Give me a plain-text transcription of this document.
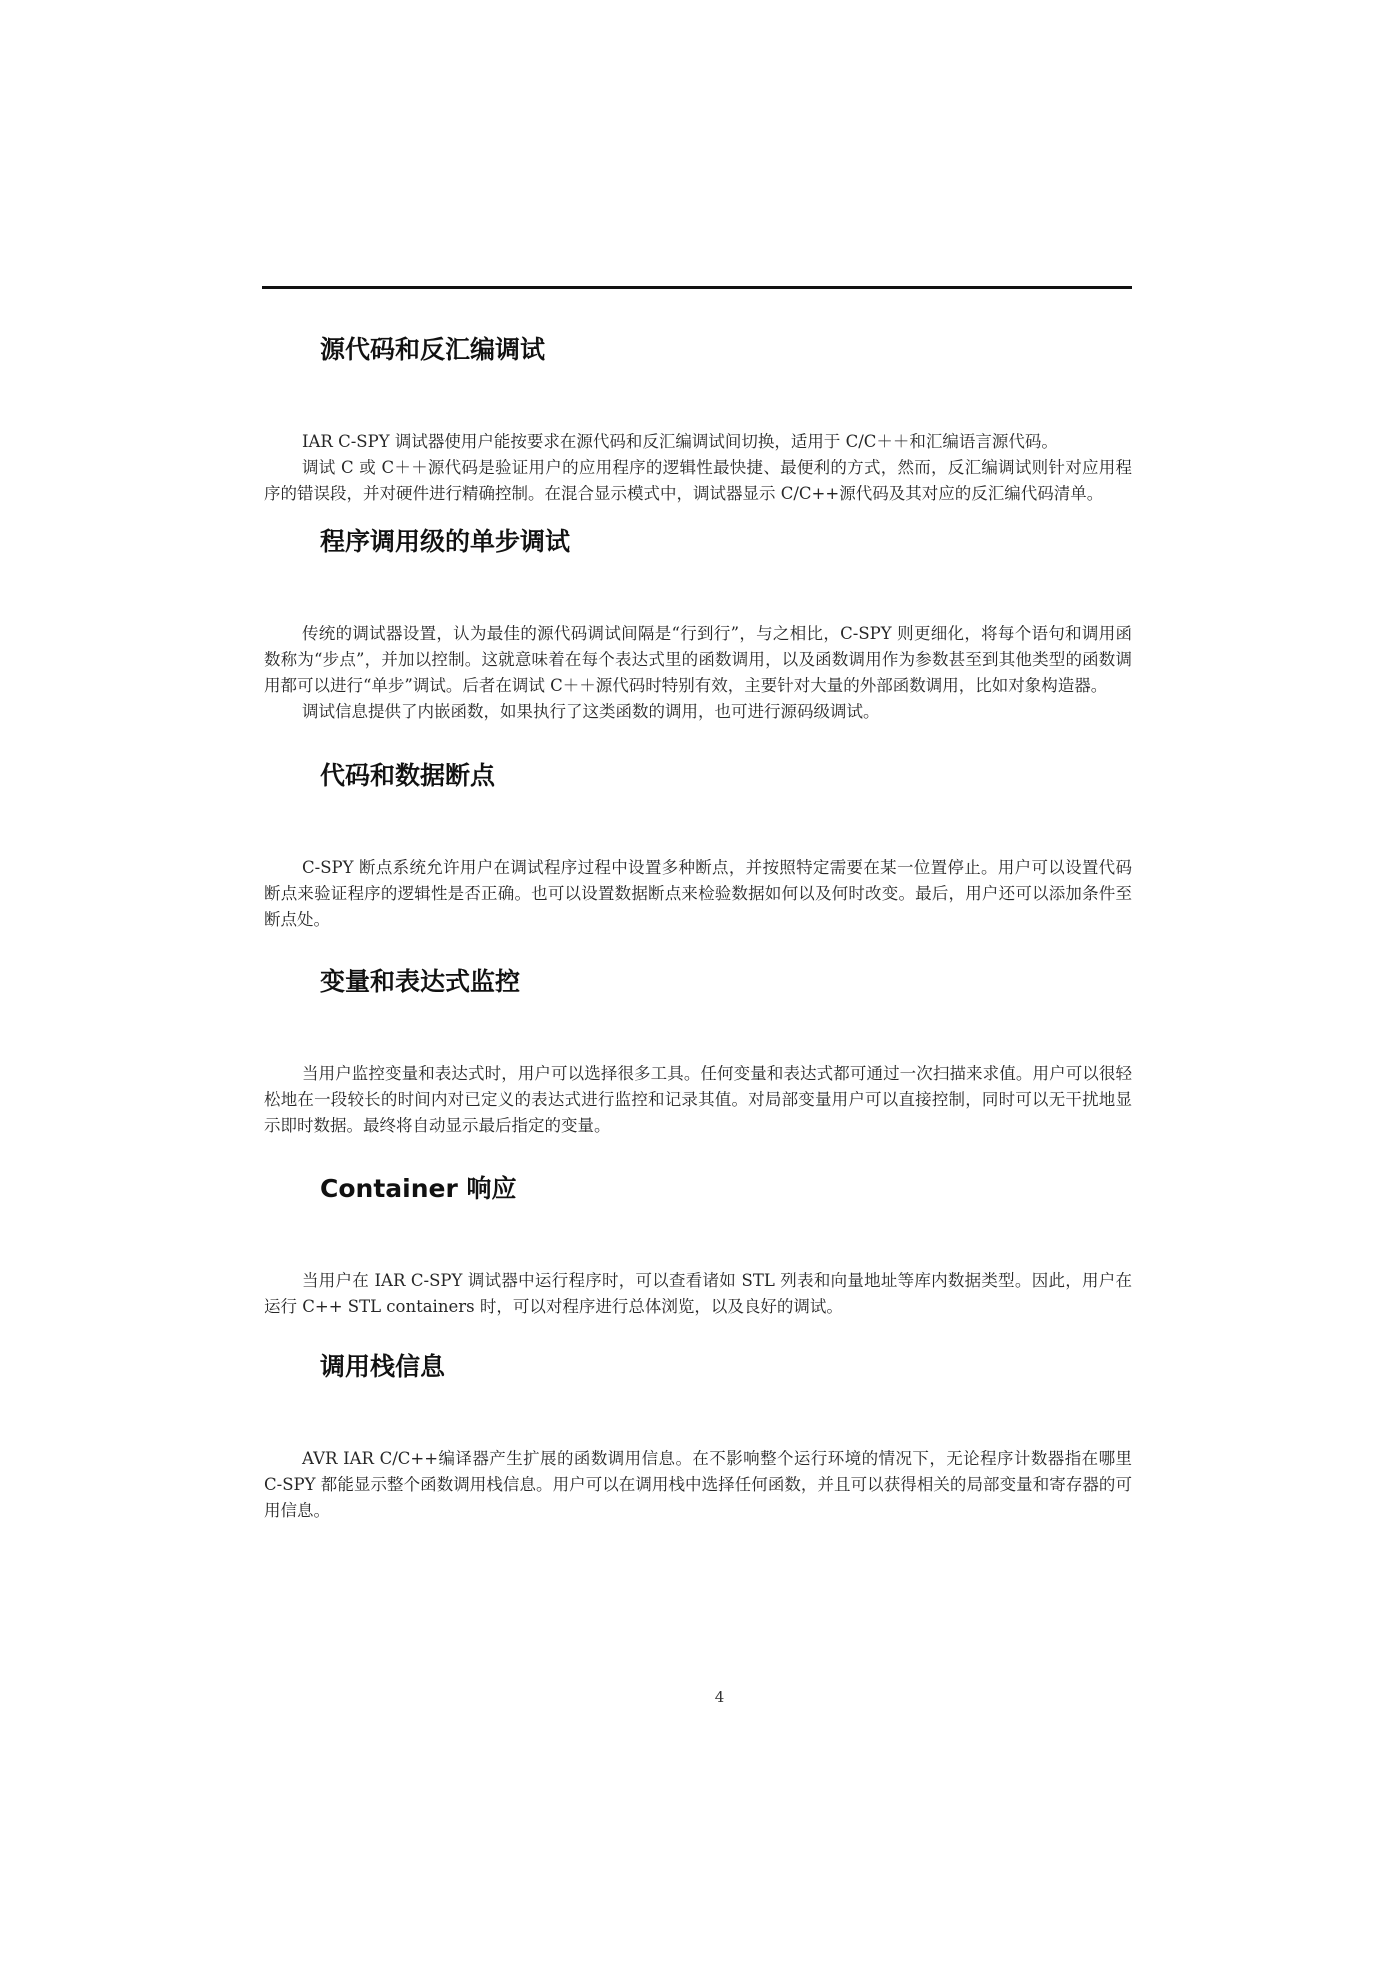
源代码和反汇编调试

IAR C-SPY 调试器使用户能按要求在源代码和反汇编调试间切换，适用于 C/C＋＋和汇编语言源代码。

调试 C 或 C＋＋源代码是验证用户的应用程序的逻辑性最快捷、最便利的方式，然而，反汇编调试则针对应用程序的错误段，并对硬件进行精确控制。在混合显示模式中，调试器显示 C/C++源代码及其对应的反汇编代码清单。

程序调用级的单步调试

传统的调试器设置，认为最佳的源代码调试间隔是“行到行”，与之相比，C-SPY 则更细化，将每个语句和调用函数称为“步点”，并加以控制。这就意味着在每个表达式里的函数调用，以及函数调用作为参数甚至到其他类型的函数调用都可以进行“单步”调试。后者在调试 C＋＋源代码时特别有效，主要针对大量的外部函数调用，比如对象构造器。

调试信息提供了内嵌函数，如果执行了这类函数的调用，也可进行源码级调试。

代码和数据断点

C-SPY 断点系统允许用户在调试程序过程中设置多种断点，并按照特定需要在某一位置停止。用户可以设置代码断点来验证程序的逻辑性是否正确。也可以设置数据断点来检验数据如何以及何时改变。最后，用户还可以添加条件至断点处。

变量和表达式监控

当用户监控变量和表达式时，用户可以选择很多工具。任何变量和表达式都可通过一次扫描来求值。用户可以很轻松地在一段较长的时间内对已定义的表达式进行监控和记录其值。对局部变量用户可以直接控制，同时可以无干扰地显示即时数据。最终将自动显示最后指定的变量。

Container 响应

当用户在 IAR C-SPY 调试器中运行程序时，可以查看诸如 STL 列表和向量地址等库内数据类型。因此，用户在运行 C++ STL containers 时，可以对程序进行总体浏览，以及良好的调试。

调用栈信息

AVR IAR C/C++编译器产生扩展的函数调用信息。在不影响整个运行环境的情况下，无论程序计数器指在哪里 C-SPY 都能显示整个函数调用栈信息。用户可以在调用栈中选择任何函数，并且可以获得相关的局部变量和寄存器的可用信息。

4
